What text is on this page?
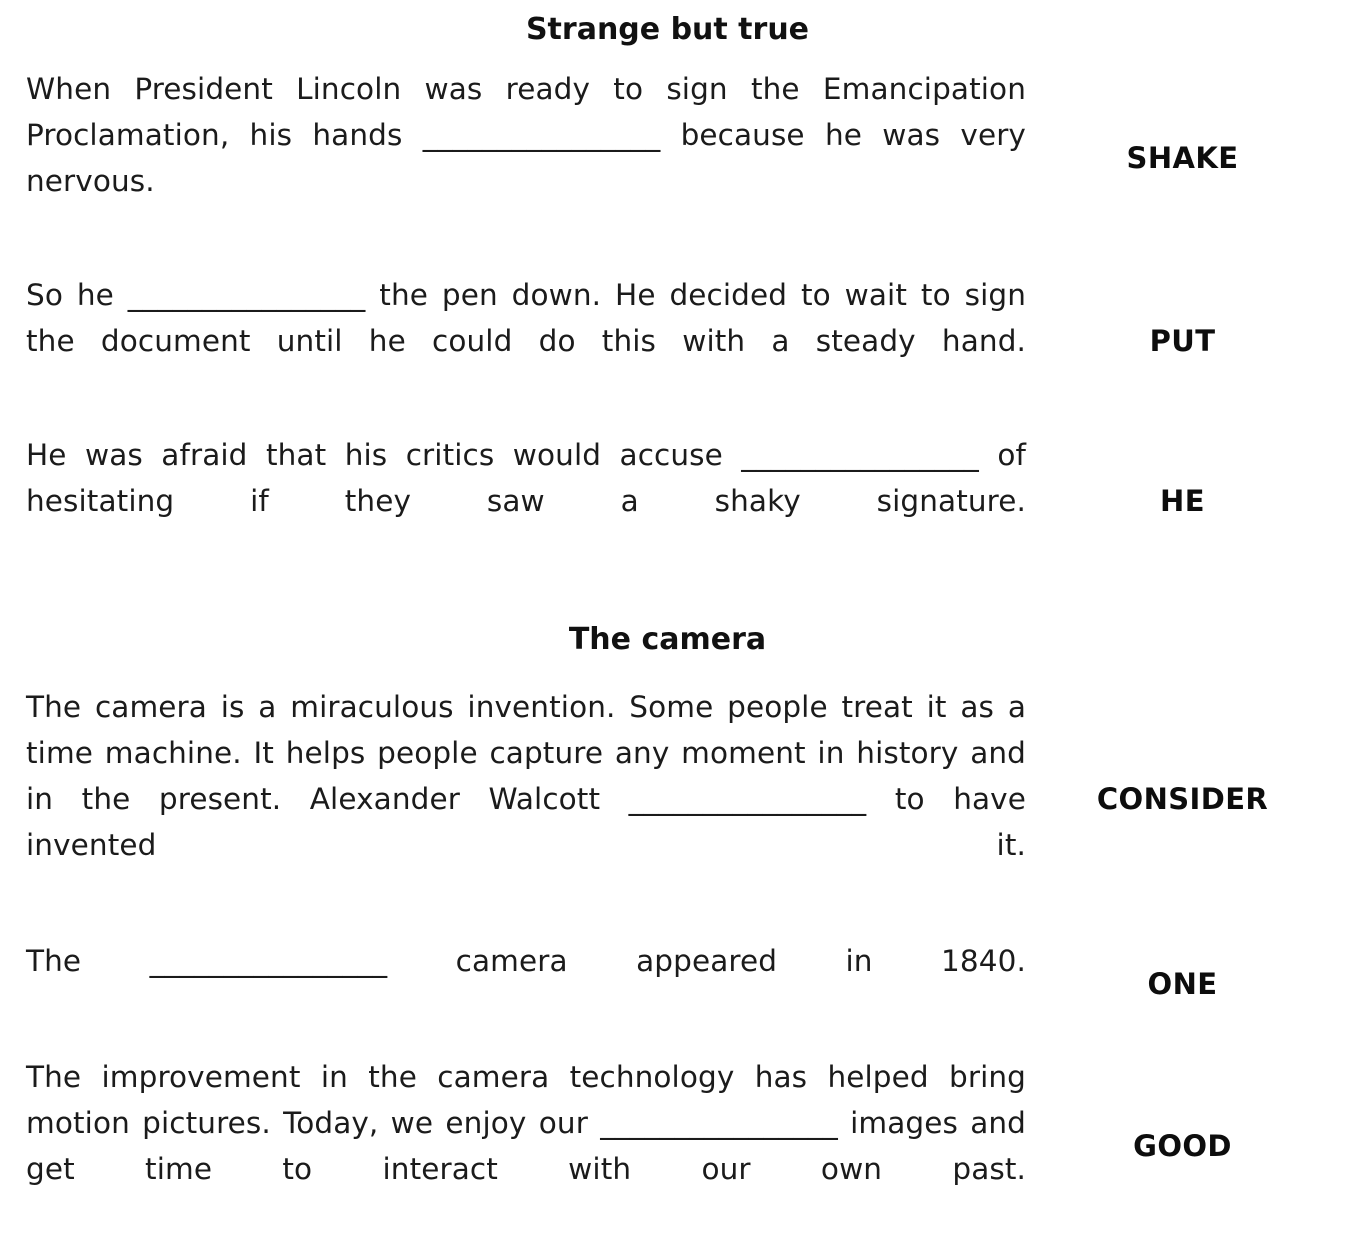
Strange but true
When President Lincoln was ready to sign the Emancipation Proclamation, his hands ________________ because he was very nervous.
SHAKE
So he ________________ the pen down. He decided to wait to sign the document until he could do this with a steady hand.	PUT
He was afraid that his critics would accuse ________________ of hesitating if they saw a shaky signature.	HE
The camera
The camera is a miraculous invention. Some people treat it as a time machine. It helps people capture any moment in history and in the present. Alexander Walcott ________________ to have invented it.
CONSIDER
The ________________ camera appeared in 1840.
ONE
The improvement in the camera technology has helped bring motion pictures. Today, we enjoy our ________________ images and get time to interact with our own past.
GOOD
